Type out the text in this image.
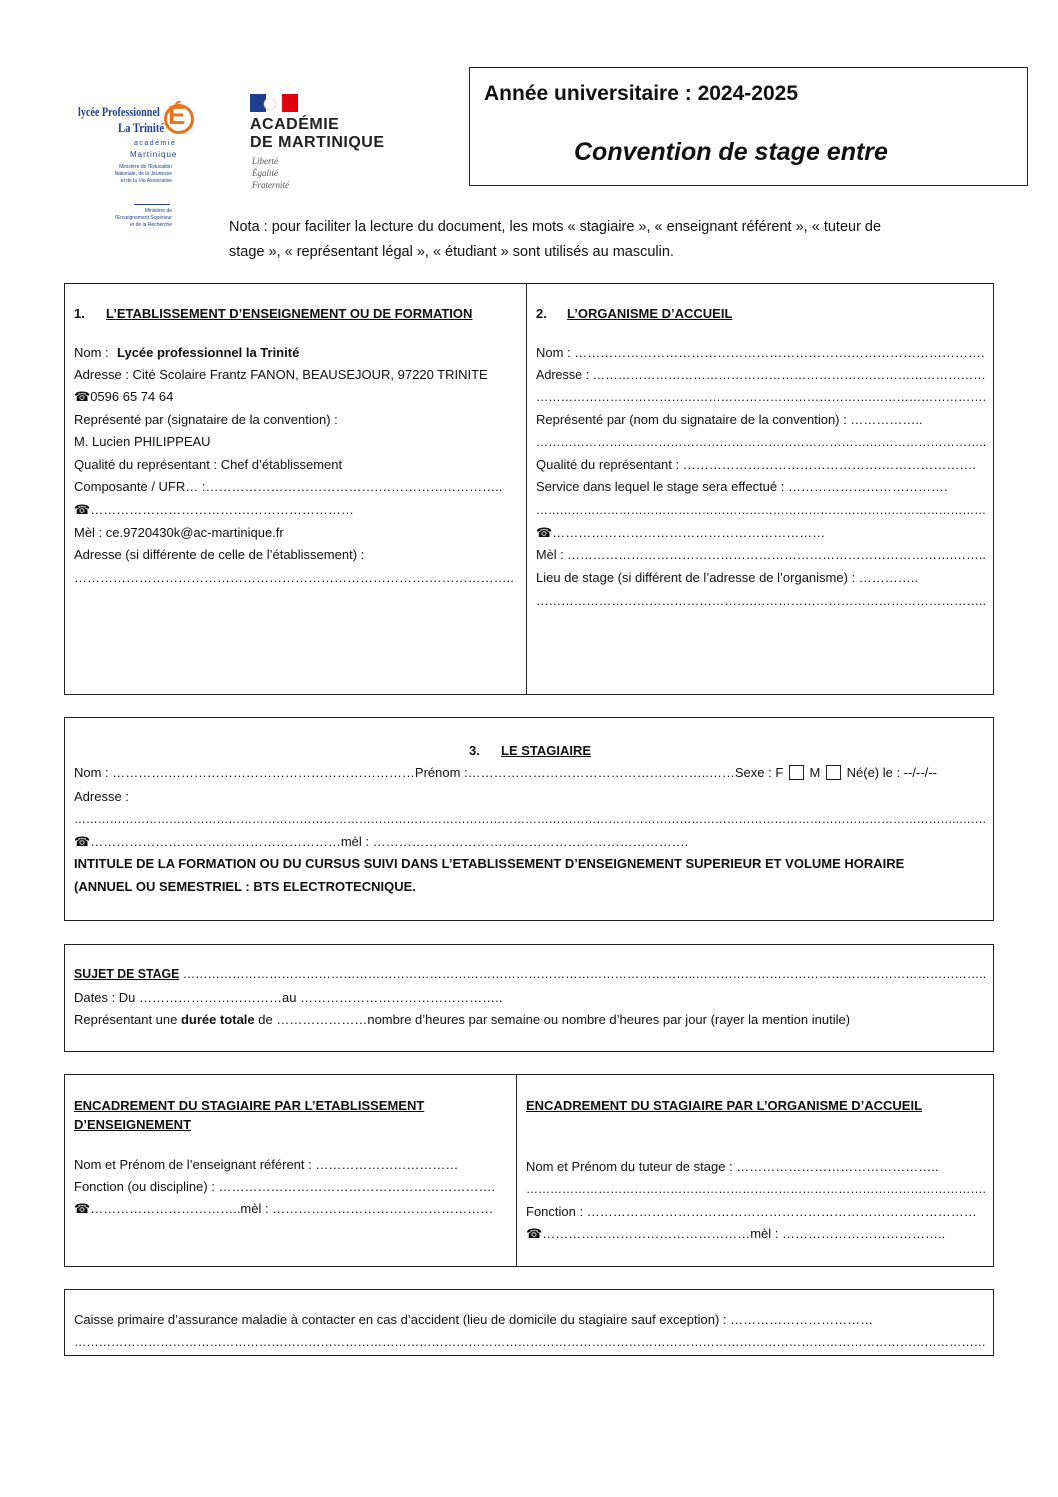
lycée Professionnel
La Trinité É
académie
Martinique
Ministère de l'Éducation Nationale, de la Jeunesse et de la Vie Associative
Ministère de l'Enseignement Supérieur et de la Recherche
ACADÉMIE
DE MARTINIQUE
Liberté
Égalité
Fraternité
Année universitaire : 2024-2025
Convention de stage entre
Nota : pour faciliter la lecture du document, les mots « stagiaire », « enseignant référent », « tuteur de
stage », « représentant légal », « étudiant » sont utilisés au masculin.
1. L’ETABLISSEMENT D’ENSEIGNEMENT OU DE FORMATION
Nom : Lycée professionnel la Trinité
Adresse : Cité Scolaire Frantz FANON, BEAUSEJOUR, 97220 TRINITE
☎0596 65 74 64
Représenté par (signataire de la convention) :
M. Lucien PHILIPPEAU
Qualité du représentant : Chef d’établissement
Composante / UFR… :………………………………….………………………..
☎……………………………….……………………
Mèl : ce.9720430k@ac-martinique.fr
Adresse (si différente de celle de l’établissement) :
……………………………………………………………………….………………..
2. L’ORGANISME D’ACCUEIL
Nom : ……………………………………………………….………………………….
Adresse : ……………………………………………………….…………………………
……………………………………………………………………….……………………….
Représenté par (nom du signataire de la convention) : ……………..
……………………………………………………………………….………………………..
Qualité du représentant : ……………………………………….………………….
Service dans lequel le stage sera effectué : ……………………………….
……………………………………………………………………………………………………
☎………………………………………………………
Mèl : ……………………………………………………………………………….……..
Lieu de stage (si différent de l’adresse de l’organisme) : …………..
…………………………………………….………………………………………………..
3. LE STAGIAIRE
Nom : ………….…………………………………………………Prénom :………………………………………………..……Sexe : F M Né(e) le : --/--/--
Adresse :
……………………………………………………………………………………………………………………………………………………………………………………………………..…….
☎…………………………….……………………mèl : ……………………………………………………………….
INTITULE DE LA FORMATION OU DU CURSUS SUIVI DANS L’ETABLISSEMENT D’ENSEIGNEMENT SUPERIEUR ET VOLUME HORAIRE
(ANNUEL OU SEMESTRIEL : BTS ELECTROTECNIQUE.
SUJET DE STAGE ……………………………………………………………………………………………………………..……………………………………………………………..
Dates : Du ……………………………au ………………………………………..
Représentant une durée totale de …………………nombre d’heures par semaine ou nombre d’heures par jour (rayer la mention inutile)
ENCADREMENT DU STAGIAIRE PAR L’ETABLISSEMENT
D’ENSEIGNEMENT
Nom et Prénom de l’enseignant référent : ……………………………
Fonction (ou discipline) : ……………………………………………………….
☎……………………………..mèl : ……………………………………………
ENCADREMENT DU STAGIAIRE PAR L’ORGANISME D’ACCUEIL
Nom et Prénom du tuteur de stage : ………………………………………..
…………………………………………………………………………………………………….
Fonction : ………………………………………………………………………………
☎…………………………………………mèl : ………………………………..
Caisse primaire d’assurance maladie à contacter en cas d’accident (lieu de domicile du stagiaire sauf exception) : ……………………………
……………………………………………………………………………………………………………………………………………………………………………………………………
